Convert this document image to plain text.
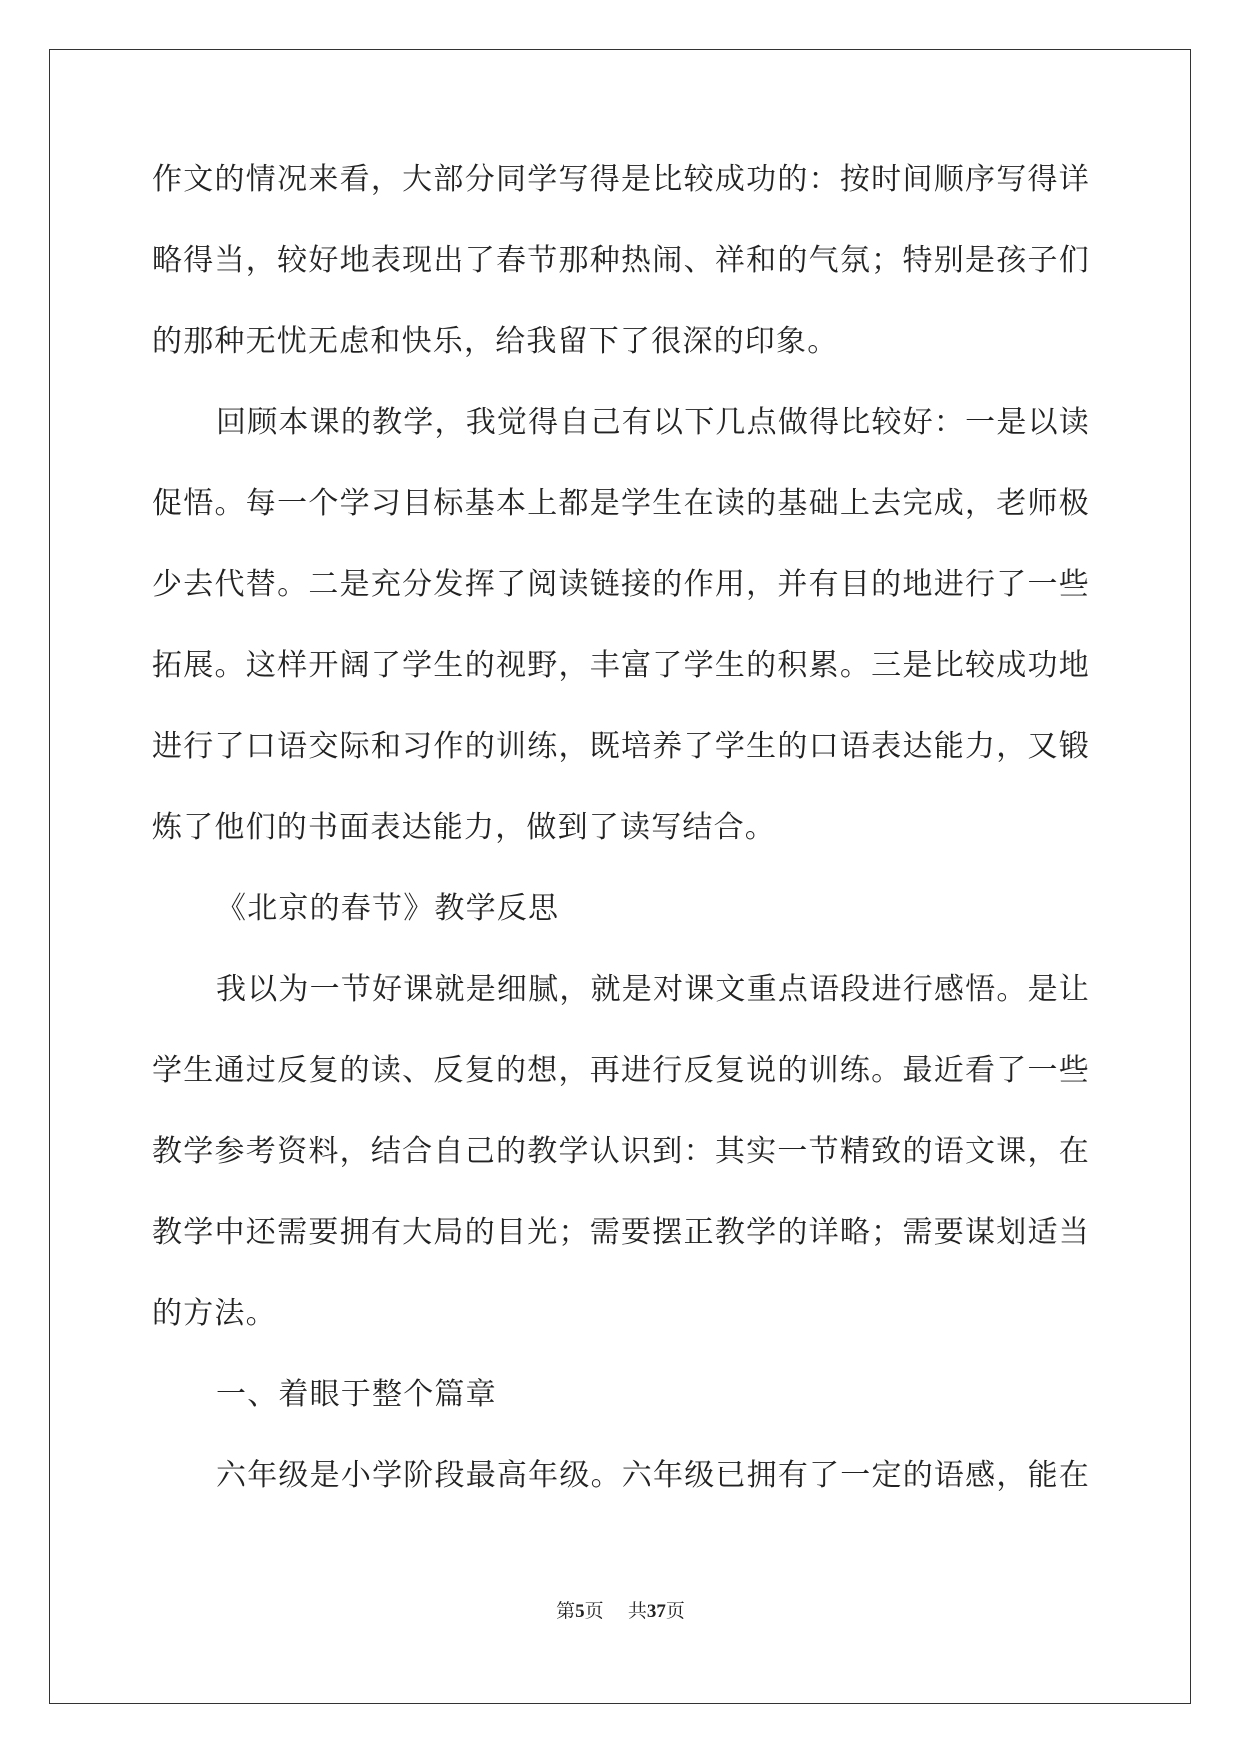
作文的情况来看，大部分同学写得是比较成功的：按时间顺序写得详
略得当，较好地表现出了春节那种热闹、祥和的气氛；特别是孩子们
的那种无忧无虑和快乐，给我留下了很深的印象。
回顾本课的教学，我觉得自己有以下几点做得比较好：一是以读
促悟。每一个学习目标基本上都是学生在读的基础上去完成，老师极
少去代替。二是充分发挥了阅读链接的作用，并有目的地进行了一些
拓展。这样开阔了学生的视野，丰富了学生的积累。三是比较成功地
进行了口语交际和习作的训练，既培养了学生的口语表达能力，又锻
炼了他们的书面表达能力，做到了读写结合。
《北京的春节》教学反思
我以为一节好课就是细腻，就是对课文重点语段进行感悟。是让
学生通过反复的读、反复的想，再进行反复说的训练。最近看了一些
教学参考资料，结合自己的教学认识到：其实一节精致的语文课，在
教学中还需要拥有大局的目光；需要摆正教学的详略；需要谋划适当
的方法。
一、着眼于整个篇章
六年级是小学阶段最高年级。六年级已拥有了一定的语感，能在
第5页 共37页
